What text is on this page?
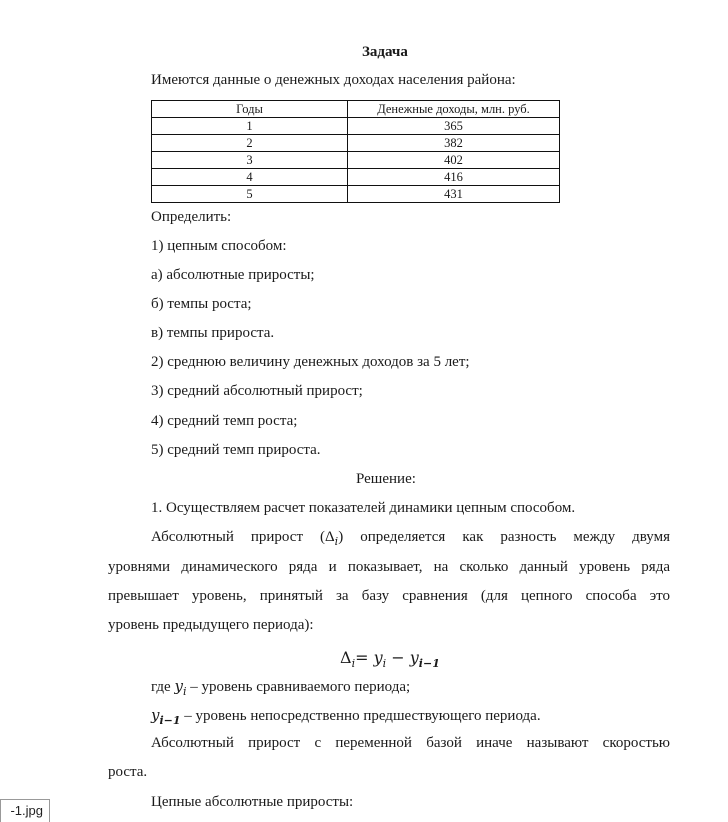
Задача
Имеются данные о денежных доходах населения района:
Годы	Денежные доходы, млн. руб.
1	365
2	382
3	402
4	416
5	431
Определить:
1) цепным способом:
а) абсолютные приросты;
б) темпы роста;
в) темпы прироста.
2) среднюю величину денежных доходов за 5 лет;
3) средний абсолютный прирост;
4) средний темп роста;
5) средний темп прироста.
Решение:
1. Осуществляем расчет показателей динамики цепным способом.
Абсолютный прирост $(\Delta_i)$ определяется как разность между двумя
уровнями динамического ряда и показывает, на сколько данный уровень ряда
превышает уровень, принятый за базу сравнения (для цепного способа это
уровень предыдущего периода):
$\Delta_i= y_i - y_{i-1}$
где $y_i$ – уровень сравниваемого периода;
$y_{i-1}$ – уровень непосредственно предшествующего периода.
Абсолютный прирост с переменной базой иначе называют скоростью
роста.
Цепные абсолютные приросты:
-1.jpg
